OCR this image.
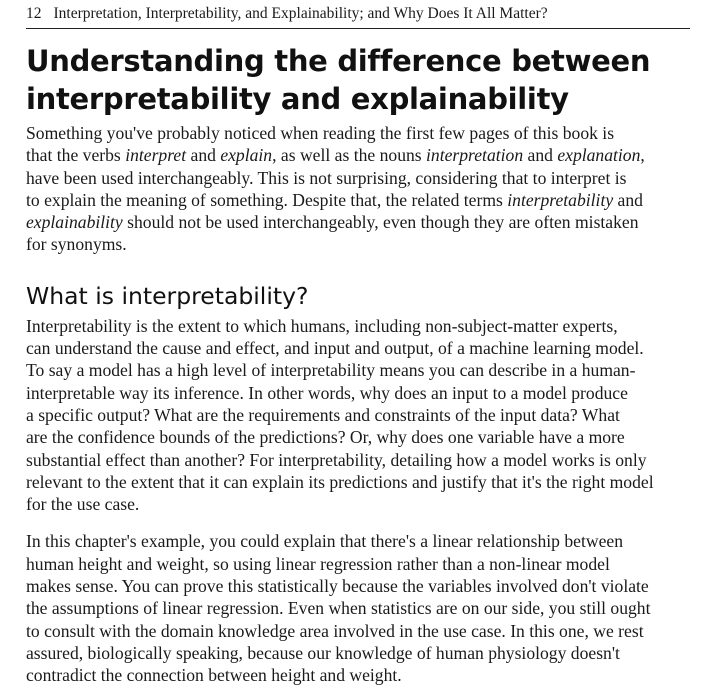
12 Interpretation, Interpretability, and Explainability; and Why Does It All Matter?
Understanding the difference between
interpretability and explainability

Something you've probably noticed when reading the first few pages of this book is
that the verbs interpret and explain, as well as the nouns interpretation and explanation,
have been used interchangeably. This is not surprising, considering that to interpret is
to explain the meaning of something. Despite that, the related terms interpretability and
explainability should not be used interchangeably, even though they are often mistaken
for synonyms.

What is interpretability?

Interpretability is the extent to which humans, including non-subject-matter experts,
can understand the cause and effect, and input and output, of a machine learning model.
To say a model has a high level of interpretability means you can describe in a human-
interpretable way its inference. In other words, why does an input to a model produce
a specific output? What are the requirements and constraints of the input data? What
are the confidence bounds of the predictions? Or, why does one variable have a more
substantial effect than another? For interpretability, detailing how a model works is only
relevant to the extent that it can explain its predictions and justify that it's the right model
for the use case.

In this chapter's example, you could explain that there's a linear relationship between
human height and weight, so using linear regression rather than a non-linear model
makes sense. You can prove this statistically because the variables involved don't violate
the assumptions of linear regression. Even when statistics are on our side, you still ought
to consult with the domain knowledge area involved in the use case. In this one, we rest
assured, biologically speaking, because our knowledge of human physiology doesn't
contradict the connection between height and weight.
